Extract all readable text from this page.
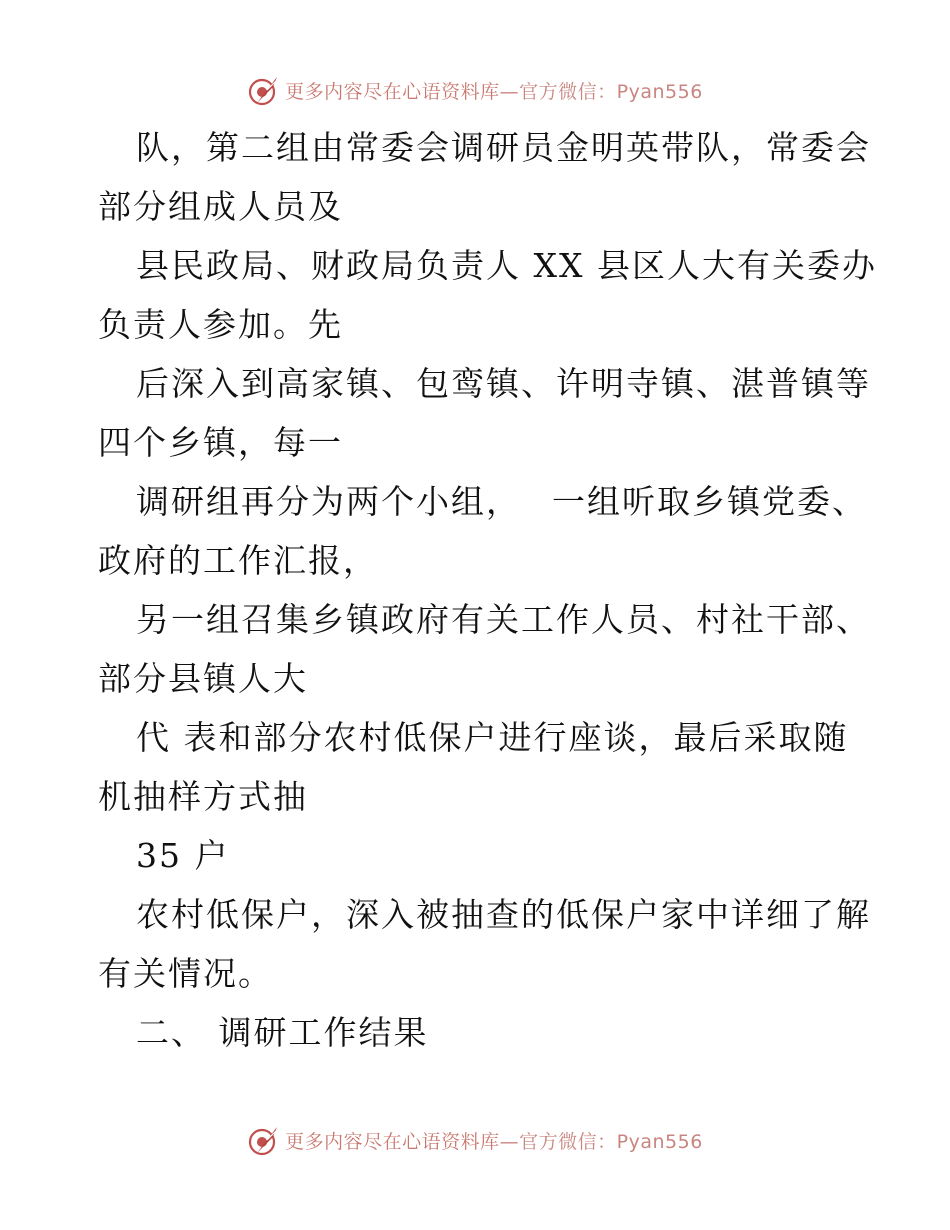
更多内容尽在心语资料库 —官方微信：Pyan556
队，第二组由常委会调研员金明英带队，常委会
部分组成人员及
县民政局、财政局负责人 XX 县区人大有关委办
负责人参加。先
后深入到高家镇、包鸾镇、许明寺镇、湛普镇等
四个乡镇，每一
调研组再分为两个小组，　 一组听取乡镇党委、
政府的工作汇报，
另一组召集乡镇政府有关工作人员、村社干部、
部分县镇人大
代 表和部分农村低保户进行座谈，最后采取随
机抽样方式抽
35 户
农村低保户，深入被抽查的低保户家中详细了解
有关情况。
二、 调研工作结果
更多内容尽在心语资料库 —官方微信：Pyan556
